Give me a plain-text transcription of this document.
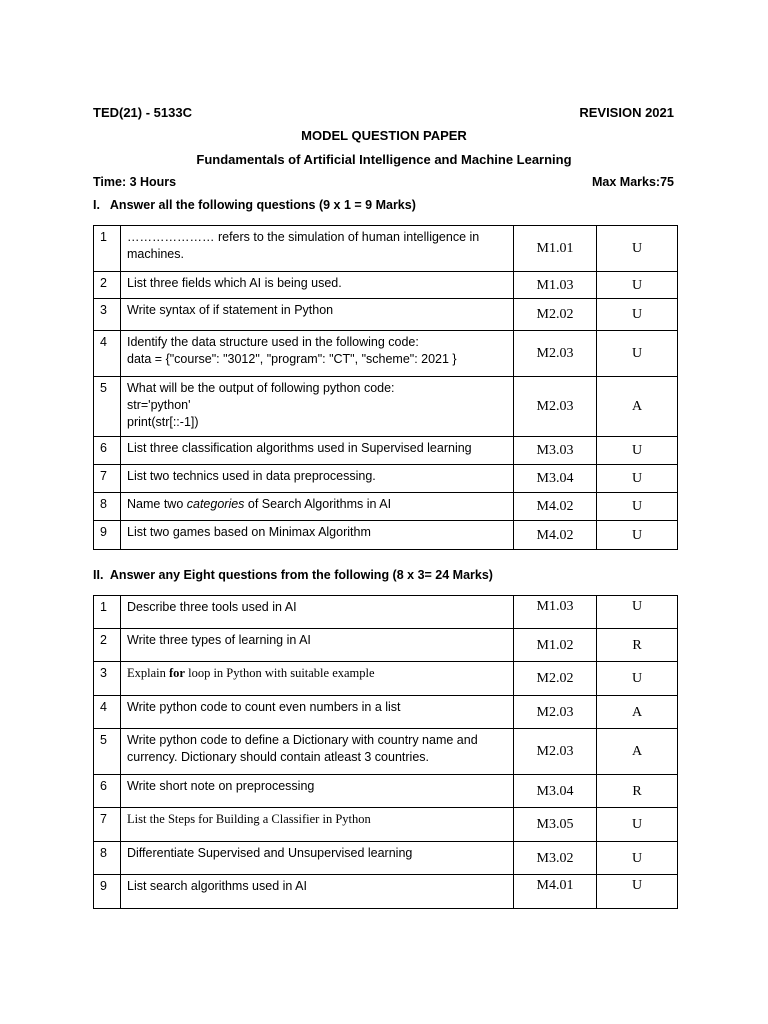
TED(21) - 5133C	REVISION 2021
MODEL QUESTION PAPER
Fundamentals of Artificial Intelligence and Machine Learning
Time: 3 Hours	Max Marks:75
I.   Answer all the following questions (9 x 1 = 9 Marks)
1	………………… refers to the simulation of human intelligence in
machines.	M1.01	U
2	List three fields which AI is being used.	M1.03	U
3	Write syntax of if statement in Python	M2.02	U
4	Identify the data structure used in the following code:
data = {"course": "3012", "program": "CT", "scheme": 2021 }	M2.03	U
5	What will be the output of following python code:
str='python'
print(str[::-1])	M2.03	A
6	List three classification algorithms used in Supervised learning	M3.03	U
7	List two technics used in data preprocessing.	M3.04	U
8	Name two categories of Search Algorithms in AI	M4.02	U
9	List two games based on Minimax Algorithm	M4.02	U
II.  Answer any Eight questions from the following (8 x 3= 24 Marks)
1	Describe three tools used in AI	M1.03	U
2	Write three types of learning in AI	M1.02	R
3	Explain for loop in Python with suitable example	M2.02	U
4	Write python code to count even numbers in a list	M2.03	A
5	Write python code to define a Dictionary with country name and
currency. Dictionary should contain atleast 3 countries.	M2.03	A
6	Write short note on preprocessing	M3.04	R
7	List the Steps for Building a Classifier in Python	M3.05	U
8	Differentiate Supervised and Unsupervised learning	M3.02	U
9	List search algorithms used in AI	M4.01	U
